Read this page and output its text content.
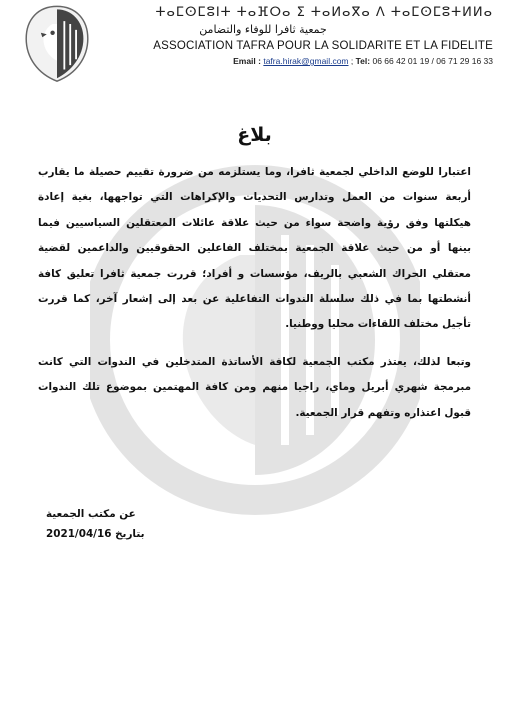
ⵜⴰⵎⵙⵎⵓⵏⵜ ⵜⴰⴼⵔⴰ ⵉ ⵜⴰⵍⴰⴳⴰ ⴷ ⵜⴰⵎⵙⵎⵓⵜⵍⵍⴰ
جمعية ثافرا للوفاء والتضامن
ASSOCIATION TAFRA POUR LA SOLIDARITE ET LA FIDELITE
Email : tafra.hirak@gmail.com ; Tel: 06 66 42 01 19 / 06 71 29 16 33
بلاغ

اعتبارا للوضع الداخلي لجمعية ثافرا، وما يستلزمه من ضرورة تقييم حصيلة ما يقارب أربعة سنوات من العمل وتدارس التحديات والإكراهات التي تواجهها، بغية إعادة هيكلتها وفق رؤية واضحة سواء من حيث علاقة عائلات المعتقلين السياسيين فيما بينها أو من حيث علاقة الجمعية بمختلف الفاعلين الحقوقيين والداعمين لقضية معتقلي الحراك الشعبي بالريف، مؤسسات و أفراد؛ قررت جمعية ثافرا تعليق كافة أنشطتها بما في ذلك سلسلة الندوات التفاعلية عن بعد إلى إشعار آخر، كما قررت تأجيل مختلف اللقاءات محليا ووطنيا.

وتبعا لذلك، يعتذر مكتب الجمعية لكافة الأساتذة المتدخلين في الندوات التي كانت مبرمجة شهري أبريل وماي، راجيا منهم ومن كافة المهتمين بموضوع تلك الندوات قبول اعتذاره وتفهم قرار الجمعية.

عن مكتب الجمعية
بتاريخ 2021/04/16
